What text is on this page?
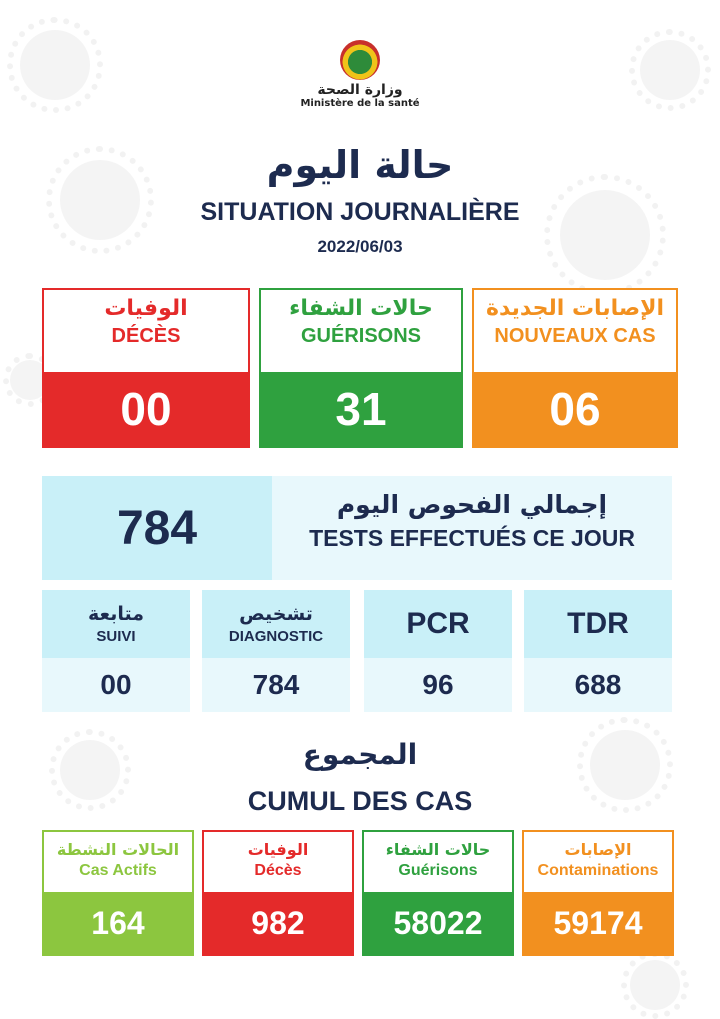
وزارة الصحة
Ministère de la santé
حالة اليوم
SITUATION JOURNALIÈRE
2022/06/03
الوفيات
DÉCÈS
00
حالات الشفاء
GUÉRISONS
31
الإصابات الجديدة
NOUVEAUX CAS
06
784	إجمالي الفحوص اليوم
TESTS EFFECTUÉS CE JOUR
متابعة
SUIVI
00
تشخيص
DIAGNOSTIC
784
PCR
96
TDR
688
المجموع
CUMUL DES CAS
الحالات النشطة
Cas Actifs
164
الوفيات
Décès
982
حالات الشفاء
Guérisons
58022
الإصابات
Contaminations
59174
